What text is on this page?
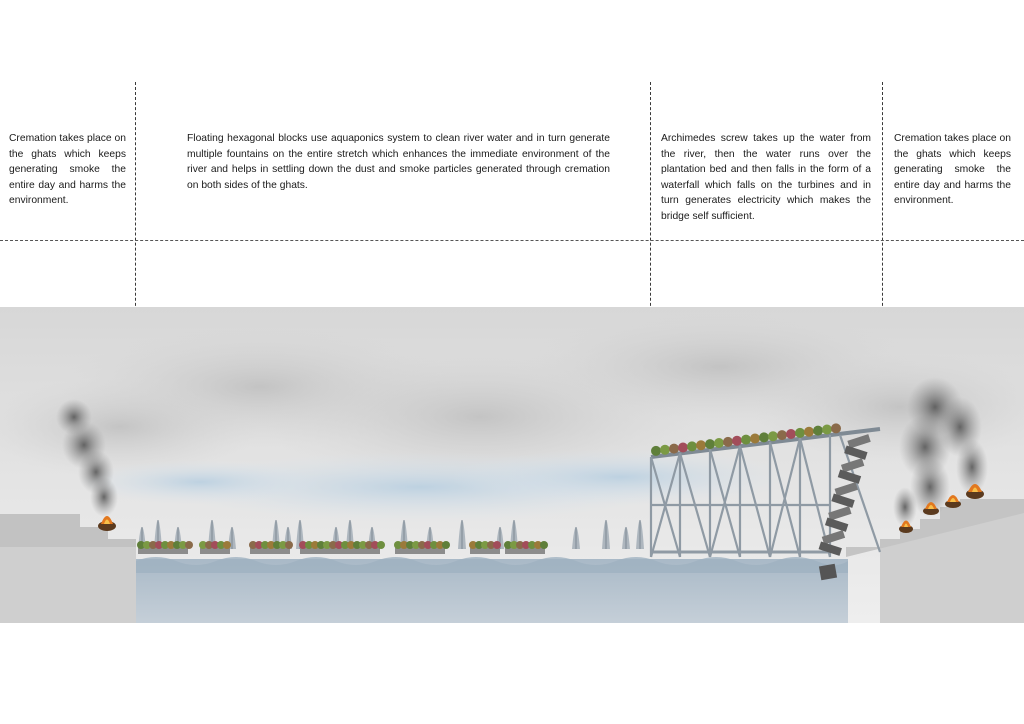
Cremation takes place on the ghats which keeps generating smoke the entire day and harms the environment.
Floating hexagonal blocks use aquaponics system to clean river water and in turn generate multiple fountains on the entire stretch which enhances the immediate environment of the river and helps in settling down the dust and smoke particles generated through cremation on both sides of the ghats.
Archimedes screw takes up the water from the river, then the water runs over the plantation bed and then falls in the form of a waterfall which falls on the turbines and in turn generates electricity which makes the bridge self sufficient.
Cremation takes place on the ghats which keeps generating smoke the entire day and harms the environment.
